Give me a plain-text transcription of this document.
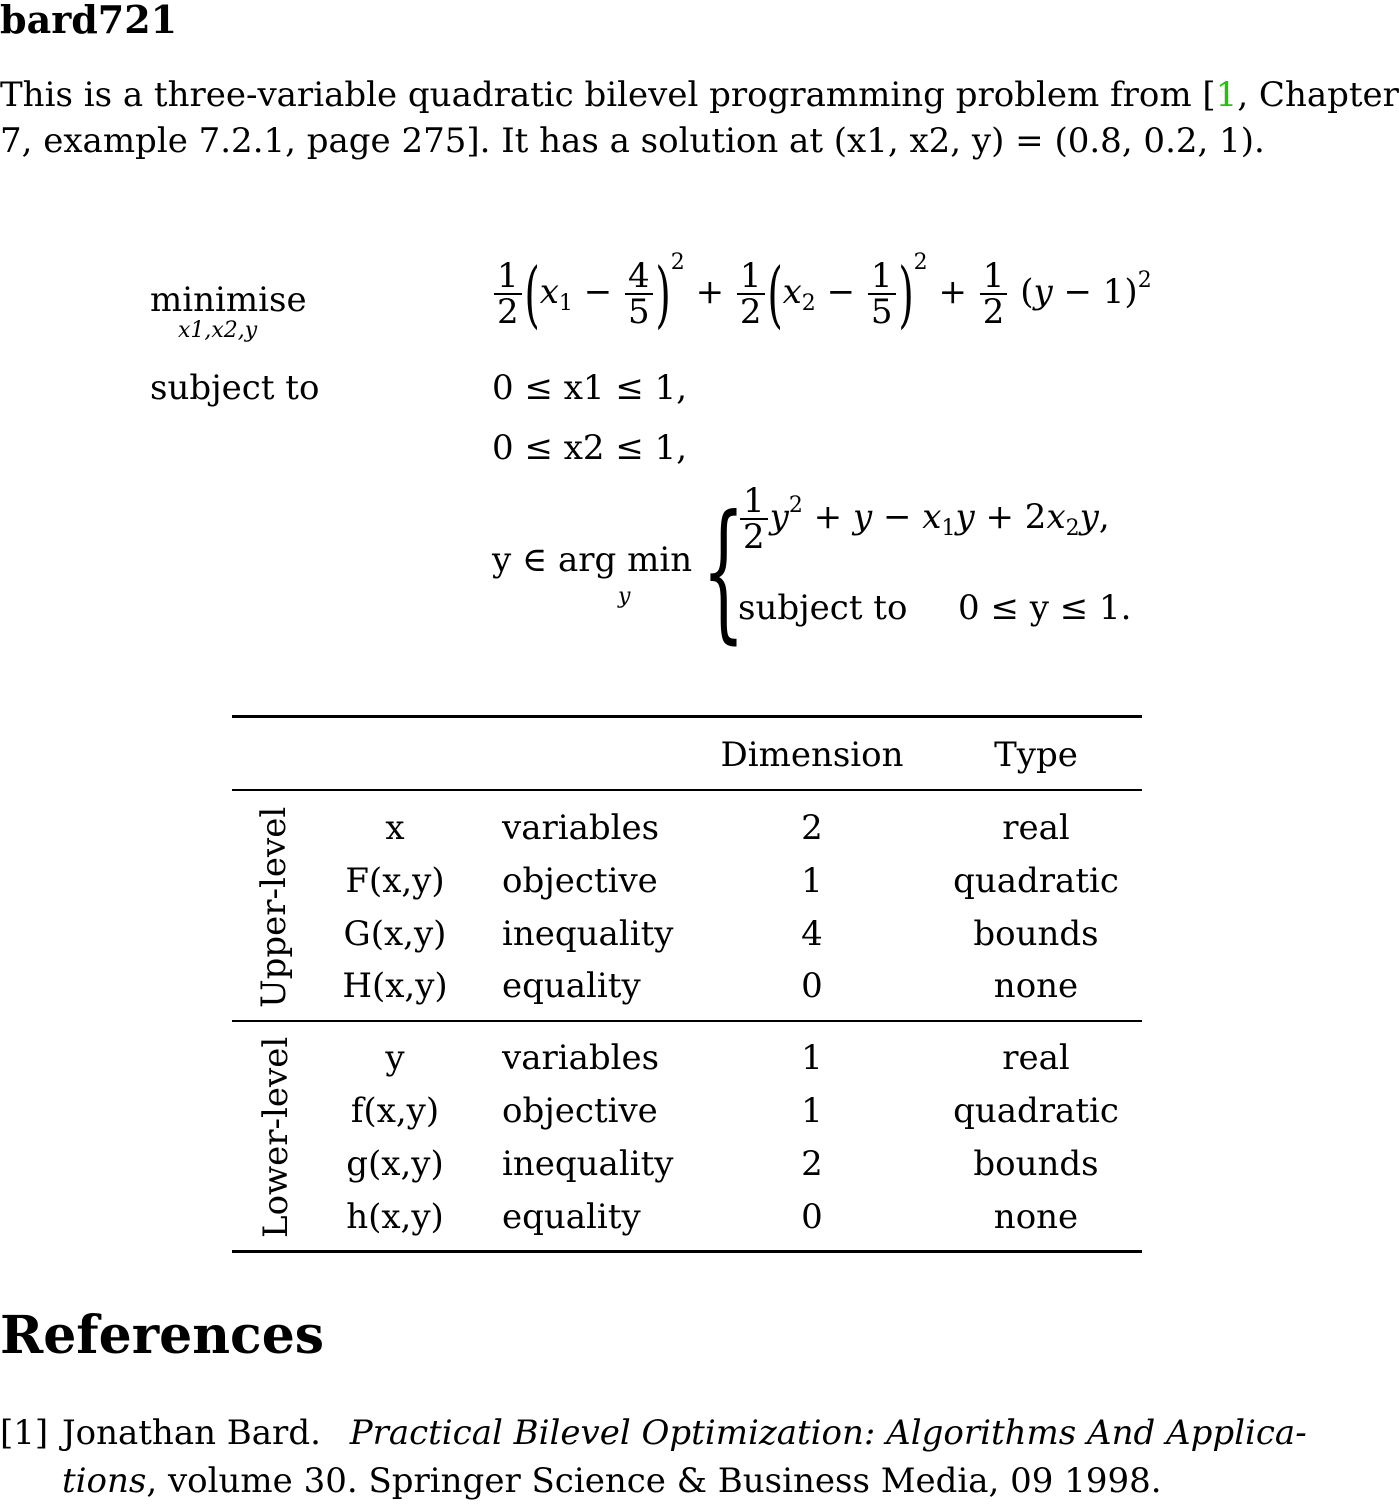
bard721
This is a three-variable quadratic bilevel programming problem from [1, Chapter
7, example 7.2.1, page 275]. It has a solution at (x1, x2, y) = (0.8, 0.2, 1).
minimise
x1,x2,y
$\frac{1}{2} (x_1 - \frac{4}{5} )^2 + \frac{1}{2} (x_2 - \frac{1}{5} )^2 + \frac{1}{2} (y - 1)^2$
subject to	0 ≤ x1 ≤ 1,
0 ≤ x2 ≤ 1,
y ∈ arg min
y {
$\frac{1}{2} y^2 + y - x_1y + 2x_2y$,
subject to 0 ≤ y ≤ 1.
Dimension	Type
Upper-level	x	variables	2	real
F(x,y)	objective	1	quadratic
G(x,y)	inequality	4	bounds
H(x,y)	equality	0	none
Lower-level	y	variables	1	real
f(x,y)	objective	1	quadratic
g(x,y)	inequality	2	bounds
h(x,y)	equality	0	none
References
[1] Jonathan Bard. Practical Bilevel Optimization: Algorithms And Applica-
tions, volume 30. Springer Science & Business Media, 09 1998.
